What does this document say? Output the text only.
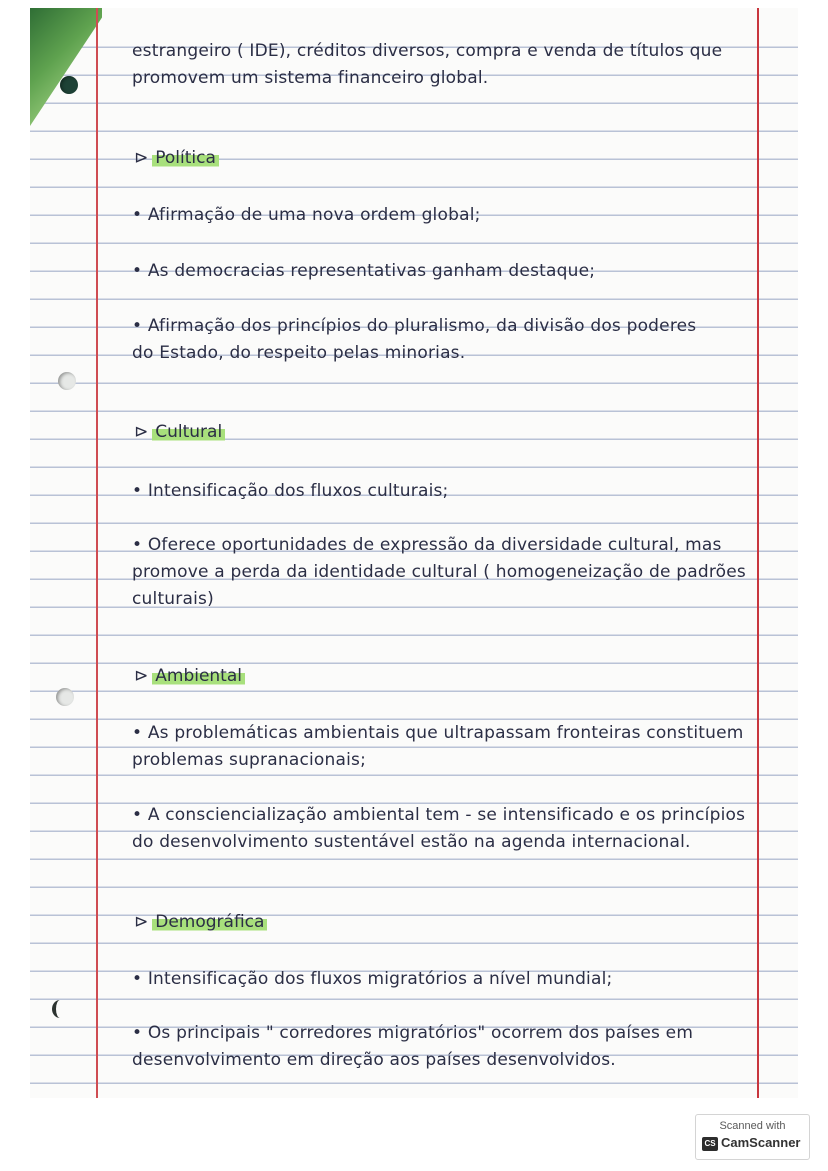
estrangeiro ( IDE), créditos diversos, compra e venda de títulos que
promovem um sistema financeiro global.
⊳ Política
• Afirmação de uma nova ordem global;
• As democracias representativas ganham destaque;
• Afirmação dos princípios do pluralismo, da divisão dos poderes
do Estado, do respeito pelas minorias.
⊳ Cultural
• Intensificação dos fluxos culturais;
• Oferece oportunidades de expressão da diversidade cultural, mas
promove a perda da identidade cultural ( homogeneização de padrões
culturais)
⊳ Ambiental
• As problemáticas ambientais que ultrapassam fronteiras constituem
problemas supranacionais;
• A consciencialização ambiental tem - se intensificado e os princípios
do desenvolvimento sustentável estão na agenda internacional.
⊳ Demográfica
• Intensificação dos fluxos migratórios a nível mundial;
• Os principais " corredores migratórios" ocorrem dos países em
desenvolvimento em direção aos países desenvolvidos.
Scanned with
CS CamScanner
